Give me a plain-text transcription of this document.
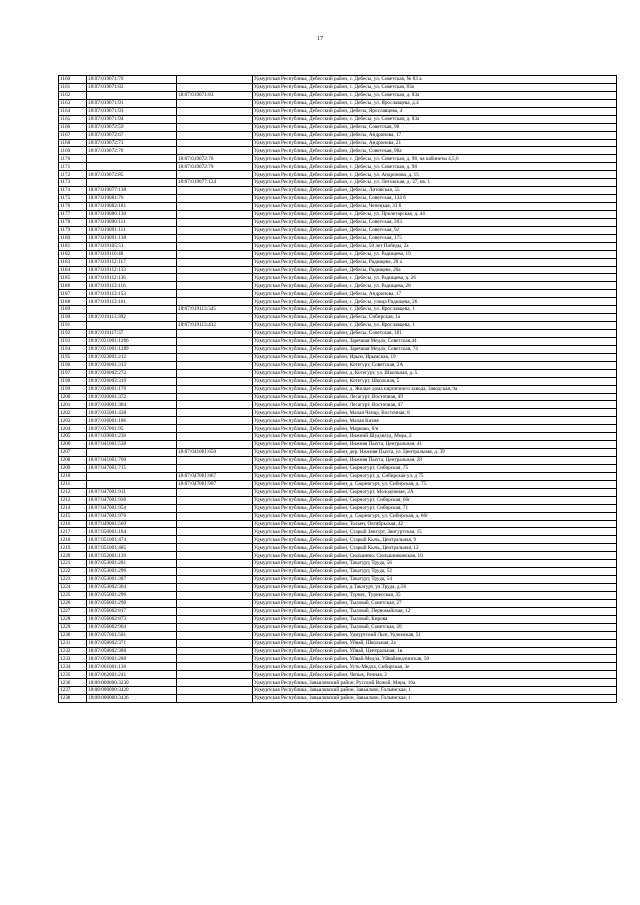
17
1160	18:07:019071:70		Удмуртская Республика, Дебесский район, с. Дебесы, ул. Советская, № 83 а
1161	18:07:019071:82		Удмуртская Республика, Дебесский район, с. Дебесы, ул. Советская, 83а
1162		18:07:019071:83	Удмуртская Республика, Дебесский район, с. Дебесы, ул. Советская, д. 83а
1163	18:07:019071:91		Удмуртская Республика, Дебесский район, с. Дебесы, ул. Ярославцева, д.4
1164	18:07:019071:93		Удмуртская Республика, Дебесский район, Дебесы, Ярославцева, 4
1165	18:07:019071:94		Удмуртская Республика, Дебесский район, с. Дебесы, ул. Советская, д. 83а
1166	18:07:019072:59		Удмуртская Республика, Дебесский район, Дебесы, Советская, 98
1167	18:07:019072:67		Удмуртская Республика, Дебесский район, Дебесы, Андронова, 17
1168	18:07:019072:73		Удмуртская Республика, Дебесский район, Дебесы, Андронова, 21
1169	18:07:019072:76		Удмуртская Республика, Дебесский район, Дебесы, Советская, 98а
1170		18:07:019072:78	Удмуртская Республика, Дебесский район, с. Дебесы, ул. Советская, д. 98, на кабинеты 4,5,6
1171		18:07:019072:79	Удмуртская Республика, Дебесский район, с. Дебесы, ул. Советская, д. 98
1172	18:07:019072:85		Удмуртская Республика, Дебесский район, с. Дебесы, ул. Андронова, д. 15
1173		18:07:019077:124	Удмуртская Республика, Дебесский район, с. Дебесы, ул. Литовская, д. 37, кв. 1
1174	18:07:019077:138		Удмуртская Республика, Дебесский район, Дебесы, Литовская, 55
1175	18:07:019081:76		Удмуртская Республика, Дебесский район, Дебесы, Советская, 134 б
1176	18:07:019082:181		Удмуртская Республика, Дебесский район, Дебесы, Чепецкая, 33 б
1177	18:07:019086:130		Удмуртская Республика, Дебесский район, с. Дебесы, ул. Пролетарская, д. 44
1178	18:07:019090:111		Удмуртская Республика, Дебесский район, Дебесы, Советская, 203
1179	18:07:019091:111		Удмуртская Республика, Дебесский район, Дебесы, Советская, 92
1180	18:07:019091:138		Удмуртская Республика, Дебесский район, Дебесы, Советская, 175
1181	18:07:019105:51		Удмуртская Республика, Дебесский район, Дебесы, 50 лет Победы, 2а
1182	18:07:019110:48		Удмуртская Республика, Дебесский район, с. Дебесы, ул. Радищева, 19
1183	18:07:019112:117		Удмуртская Республика, Дебесский район, Дебесы, Радищева, 28 а
1184	18:07:019112:133		Удмуртская Республика, Дебесский район, Дебесы, Радищева, 26а
1185	18:07:019112:136		Удмуртская Республика, Дебесский район, с. Дебесы, ул. Радищева, д. 26
1186	18:07:019113:116		Удмуртская Республика, Дебесский район, с. Дебесы, ул. Радищева, 28
1187	18:07:019113:153		Удмуртская Республика, Дебесский район, Дебесы, Андронова, 17
1188	18:07:019113:161		Удмуртская Республика, Дебесский район, с. Дебесы, улица Радищева, 26
1189		18:07:019113:345	Удмуртская Республика, Дебесский район, с. Дебесы, ул. Ярославцева, 1
1190	18:07:019113:392		Удмуртская Республика, Дебесский район, Дебесы, Сибирская, 1а
1191		18:07:019113:432	Удмуртская Республика, Дебесский район, с. Дебесы, ул. Ярославцева, 1
1192	18:07:019117:37		Удмуртская Республика, Дебесский район, Дебесы, Советская, 181
1193	18:07:021001:1286		Удмуртская Республика, Дебесский район, Заречная Медла, Советская,44
1194	18:07:021001:1289		Удмуртская Республика, Дебесский район, Заречная Медла, Советская, 74
1195	18:07:023001:212		Удмуртская Республика, Дебесский район, Ирым, Ирымская, 19
1196	18:07:026001:313		Удмуртская Республика, Дебесский район, Котегурт, Советская, 2А
1197	18:07:026002:272		Удмуртская Республика, Дебесский район, д. Котегурт, ул. Школьная, д. 5
1198	18:07:026002:319		Удмуртская Республика, Дебесский район, Котегурт, Школьная, 5
1199	18:07:028001:176		Удмуртская Республика, Дебесский район, д. Жилые дома кирпичного завода, Заводская, 9а
1200	18:07:030001:372		Удмуртская Республика, Дебесский район, Лесагурт, Восточная, 49
1201	18:07:030001:384		Удмуртская Республика, Дебесский район, Лесагурт, Восточная, 47
1202	18:07:035001:438		Удмуртская Республика, Дебесский район, Малая Чепца, Восточная, 8
1203	18:07:036001:186		Удмуртская Республика, Дебесский район, Малая Кизня
1204	18:07:037001:95		Удмуртская Республика, Дебесский район, Марково, б/н
1205	18:07:039001:236		Удмуртская Республика, Дебесский район, Нижний Шудзялуд, Мира, 2
1206	18:07:041001:538		Удмуртская Республика, Дебесский район, Нижняя Пыхта, Центральная, 41
1207		18:07:041001:650	Удмуртская Республика, Дебесский район, дер. Нижняя Пыхта, ул. Центральная, д. 39
1208	18:07:041001:700		Удмуртская Республика, Дебесский район, Нижняя Пыхта, Центральная, 28
1209	18:07:047001:715		Удмуртская Республика, Дебесский район, Сюрногурт, Сибирская, 75
1210		18:07:047001:867	Удмуртская Республика, Дебесский район, Сюрногурт, д. Сибирская ул, д 75
1211		18:07:047001:907	Удмуртская Республика, Дебесский район, д. Сюрногурт, ул. Сибирская, д. 75.
1212	18:07:047001:911		Удмуртская Республика, Дебесский район, Сюрногурт, Молодежная, 2А
1213	18:07:047001:936		Удмуртская Республика, Дебесский район, Сюрногурт, Сибирская, 66г
1214	18:07:047001:954		Удмуртская Республика, Дебесский район, Сюрногурт, Сибирская, 71
1215	18:07:047001:976		Удмуртская Республика, Дебесский район, д. Сюрногурт, ул. Сибирская, д. 66г
1216	18:07:049001:569		Удмуртская Республика, Дебесский район, Тольен, Октябрьская, 42
1217	18:07:050001:184		Удмуртская Республика, Дебесский район, Старый Зянгурт, Зянгуртская, 15
1218	18:07:051001:474		Удмуртская Республика, Дебесский район, Старый Кычь, Центральная, 9
1219	18:07:051001:485		Удмуртская Республика, Дебесский район, Старый Кычь, Центральная, 12
1220	18:07:052001:139		Удмуртская Республика, Дебесский район, Сюльшино, Сюльшинковская, 10
1221	18:07:053001:281		Удмуртская Республика, Дебесский район, Такагурт, Труда, 56
1222	18:07:053001:296		Удмуртская Республика, Дебесский район, Такагурт, Труда, 52
1223	18:07:053001:387		Удмуртская Республика, Дебесский район, Такагурт, Труда, 54
1224	18:07:053002:304		Удмуртская Республика, Дебесский район, д.Такагурт, ул.Труда, д.56
1225	18:07:055001:296		Удмуртская Республика, Дебесский район, Турнес, Турнесская, 35
1226	18:07:056001:290		Удмуртская Республика, Дебесский район, Тыловай, Советская, 27
1227	18:07:056002:817		Удмуртская Республика, Дебесский район, Тыловай, Первомайская, 12
1228	18:07:056002:873		Удмуртская Республика, Дебесский район, Тыловай, Кирова
1229	18:07:056002:904		Удмуртская Республика, Дебесский район, Тыловай, Советская, 20
1230	18:07:057001:501		Удмуртская Республика, Дебесский район, Удмуртский Лып, Удлемская, 51
1231	18:07:058002:371		Удмуртская Республика, Дебесский район, Уйвай, Школьная, 2а
1232	18:07:058002:388		Удмуртская Республика, Дебесский район, Уйвай, Центральная, 1в
1233	18:07:059001:288		Удмуртская Республика, Дебесский район, Уйвай-Медла, Уйваймедлинская, 50
1234	18:07:061001:136		Удмуртская Республика, Дебесский район, Усть-Медла, Сибирская, 3е
1235	18:07:062001:241		Удмуртская Республика, Дебесский район, Чепык, Речная, 2
1236	18:08:000000:3230		Удмуртская Республика, Завьяловский район, Русский Вожой, Мира, 16а
1237	18:08:000000:3420		Удмуртская Республика, Завьяловский район, Завьялово, Гольянская, 1
1238	18:08:000000:3436		Удмуртская Республика, Завьяловский район, Завьялово, Гольянская, 1
